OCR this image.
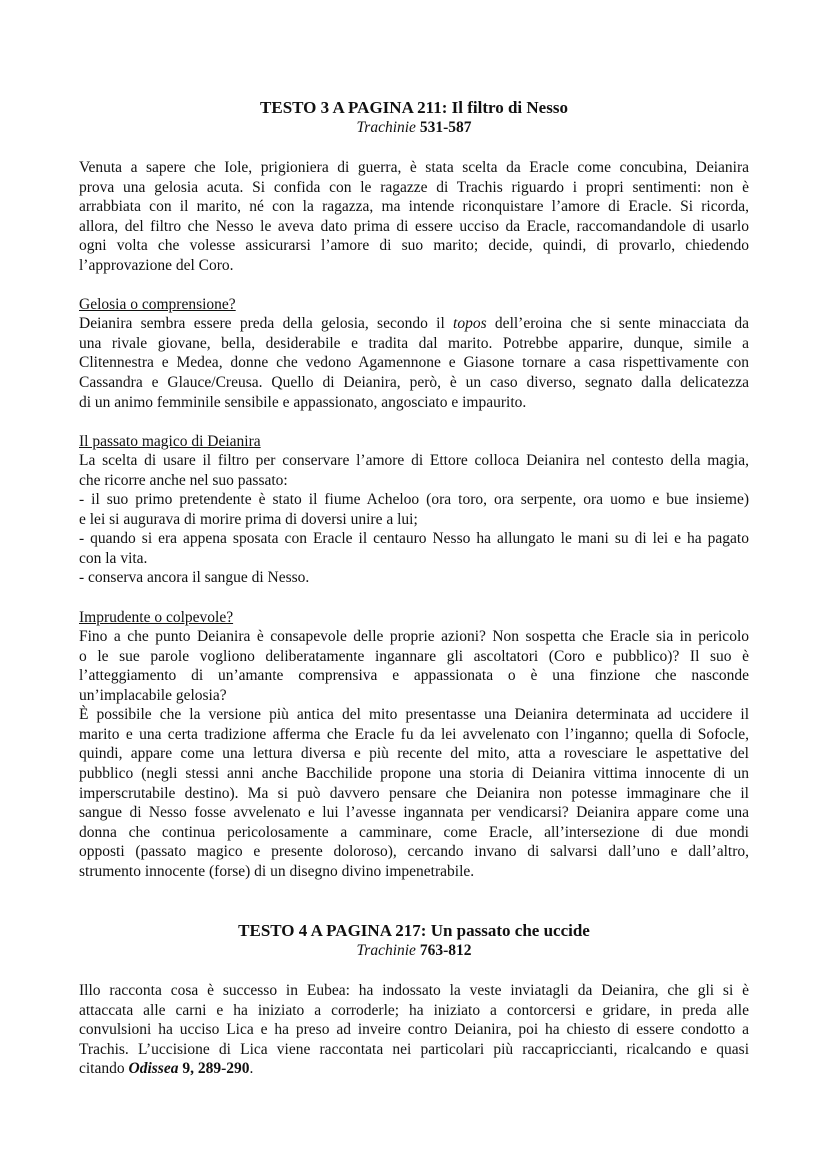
TESTO 3 A PAGINA 211: Il filtro di Nesso

Trachinie 531-587

Venuta a sapere che Iole, prigioniera di guerra, è stata scelta da Eracle come concubina, Deianira
prova una gelosia acuta. Si confida con le ragazze di Trachis riguardo i propri sentimenti: non è
arrabbiata con il marito, né con la ragazza, ma intende riconquistare l’amore di Eracle. Si ricorda,
allora, del filtro che Nesso le aveva dato prima di essere ucciso da Eracle, raccomandandole di usarlo
ogni volta che volesse assicurarsi l’amore di suo marito; decide, quindi, di provarlo, chiedendo
l’approvazione del Coro.

Gelosia o comprensione?

Deianira sembra essere preda della gelosia, secondo il topos dell’eroina che si sente minacciata da
una rivale giovane, bella, desiderabile e tradita dal marito. Potrebbe apparire, dunque, simile a
Clitennestra e Medea, donne che vedono Agamennone e Giasone tornare a casa rispettivamente con
Cassandra e Glauce/Creusa. Quello di Deianira, però, è un caso diverso, segnato dalla delicatezza
di un animo femminile sensibile e appassionato, angosciato e impaurito.

Il passato magico di Deianira

La scelta di usare il filtro per conservare l’amore di Ettore colloca Deianira nel contesto della magia,
che ricorre anche nel suo passato:
- il suo primo pretendente è stato il fiume Acheloo (ora toro, ora serpente, ora uomo e bue insieme)
e lei si augurava di morire prima di doversi unire a lui;
- quando si era appena sposata con Eracle il centauro Nesso ha allungato le mani su di lei e ha pagato
con la vita.
- conserva ancora il sangue di Nesso.

Imprudente o colpevole?

Fino a che punto Deianira è consapevole delle proprie azioni? Non sospetta che Eracle sia in pericolo
o le sue parole vogliono deliberatamente ingannare gli ascoltatori (Coro e pubblico)? Il suo è
l’atteggiamento di un’amante comprensiva e appassionata o è una finzione che nasconde
un’implacabile gelosia?
È possibile che la versione più antica del mito presentasse una Deianira determinata ad uccidere il
marito e una certa tradizione afferma che Eracle fu da lei avvelenato con l’inganno; quella di Sofocle,
quindi, appare come una lettura diversa e più recente del mito, atta a rovesciare le aspettative del
pubblico (negli stessi anni anche Bacchilide propone una storia di Deianira vittima innocente di un
imperscrutabile destino). Ma si può davvero pensare che Deianira non potesse immaginare che il
sangue di Nesso fosse avvelenato e lui l’avesse ingannata per vendicarsi? Deianira appare come una
donna che continua pericolosamente a camminare, come Eracle, all’intersezione di due mondi
opposti (passato magico e presente doloroso), cercando invano di salvarsi dall’uno e dall’altro,
strumento innocente (forse) di un disegno divino impenetrabile.

TESTO 4 A PAGINA 217: Un passato che uccide

Trachinie 763-812

Illo racconta cosa è successo in Eubea: ha indossato la veste inviatagli da Deianira, che gli si è
attaccata alle carni e ha iniziato a corroderle; ha iniziato a contorcersi e gridare, in preda alle
convulsioni ha ucciso Lica e ha preso ad inveire contro Deianira, poi ha chiesto di essere condotto a
Trachis. L’uccisione di Lica viene raccontata nei particolari più raccapriccianti, ricalcando e quasi
citando Odissea 9, 289-290.
